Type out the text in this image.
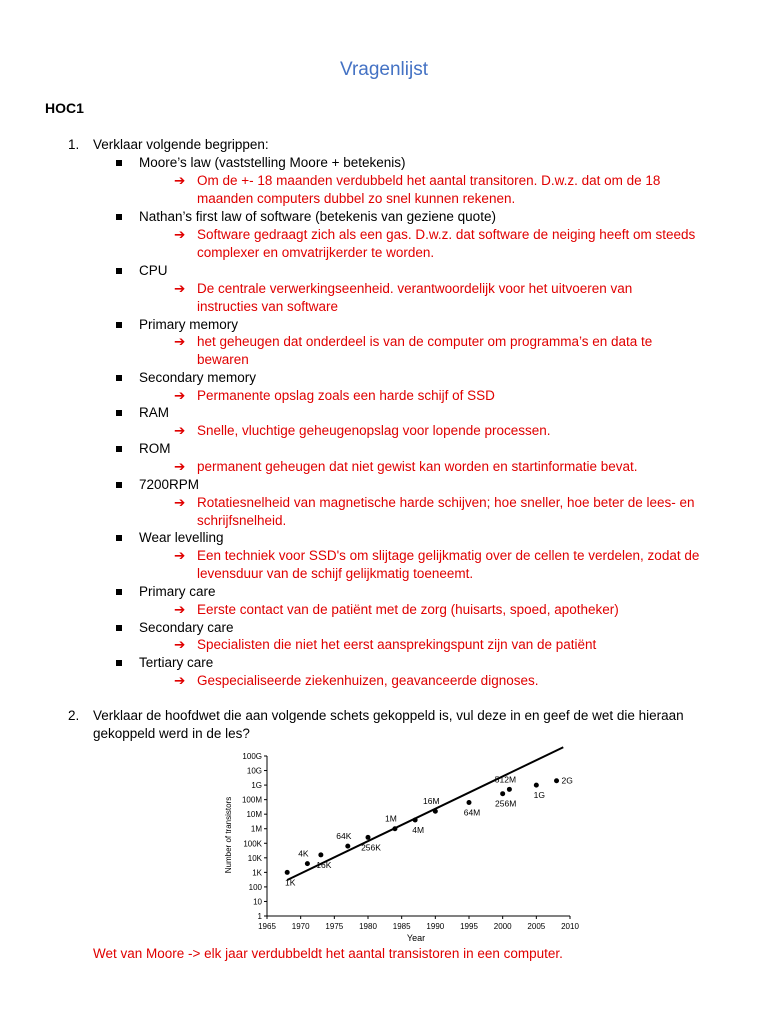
Vragenlijst
HOC1
1. Verklaar volgende begrippen:
Moore’s law (vaststelling Moore + betekenis)
➔ Om de +- 18 maanden verdubbeld het aantal transitoren. D.w.z. dat om de 18
maanden computers dubbel zo snel kunnen rekenen.
Nathan’s first law of software (betekenis van geziene quote)
➔ Software gedraagt zich als een gas. D.w.z. dat software de neiging heeft om steeds
complexer en omvatrijkerder te worden.
CPU
➔ De centrale verwerkingseenheid. verantwoordelijk voor het uitvoeren van
instructies van software
Primary memory
➔ het geheugen dat onderdeel is van de computer om programma’s en data te
bewaren
Secondary memory
➔ Permanente opslag zoals een harde schijf of SSD
RAM
➔ Snelle, vluchtige geheugenopslag voor lopende processen.
ROM
➔ permanent geheugen dat niet gewist kan worden en startinformatie bevat.
7200RPM
➔ Rotatiesnelheid van magnetische harde schijven; hoe sneller, hoe beter de lees- en
schrijfsnelheid.
Wear levelling
➔ Een techniek voor SSD's om slijtage gelijkmatig over de cellen te verdelen, zodat de
levensduur van de schijf gelijkmatig toeneemt.
Primary care
➔ Eerste contact van de patiënt met de zorg (huisarts, spoed, apotheker)
Secondary care
➔ Specialisten die niet het eerst aansprekingspunt zijn van de patiënt
Tertiary care
➔ Gespecialiseerde ziekenhuizen, geavanceerde dignoses.
2. Verklaar de hoofdwet die aan volgende schets gekoppeld is, vul deze in en geef de wet die hieraan
gekoppeld werd in de les?
1
10
100
1K
10K
100K
1M
10M
100M
1G
10G
100G
1965 1970 1975 1980 1985 1990 1995 2000 2005 2010
1K
4K
16K
64K
256K
1M
4M
16M
64M
256M
512M
1G
2G
Year
Number of transistors
Wet van Moore -> elk jaar verdubbeldt het aantal transistoren in een computer.
